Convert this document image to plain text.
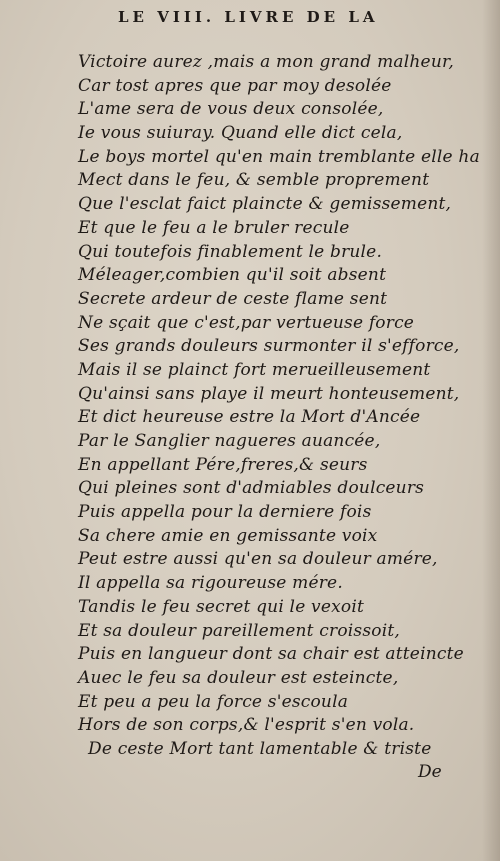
LE VIII. LIVRE DE LA
Victoire aurez ,mais a mon grand malheur,
Car tost apres que par moy desolée
L'ame sera de vous deux consolée,
Ie vous suiuray. Quand elle dict cela,
Le boys mortel qu'en main tremblante elle ha
Mect dans le feu, & semble proprement
Que l'esclat faict plaincte & gemissement,
Et que le feu a le bruler recule
Qui toutefois finablement le brule.
Méleager,combien qu'il soit absent
Secrete ardeur de ceste flame sent
Ne sçait que c'est,par vertueuse force
Ses grands douleurs surmonter il s'efforce,
Mais il se plainct fort merueilleusement
Qu'ainsi sans playe il meurt honteusement,
Et dict heureuse estre la Mort d'Ancée
Par le Sanglier nagueres auancée,
En appellant Pére,freres,& seurs
Qui pleines sont d'admiables doulceurs
Puis appella pour la derniere fois
Sa chere amie en gemissante voix
Peut estre aussi qu'en sa douleur amére,
Il appella sa rigoureuse mére.
Tandis le feu secret qui le vexoit
Et sa douleur pareillement croissoit,
Puis en langueur dont sa chair est atteincte
Auec le feu sa douleur est esteincte,
Et peu a peu la force s'escoula
Hors de son corps,& l'esprit s'en vola.
De ceste Mort tant lamentable & triste
De
